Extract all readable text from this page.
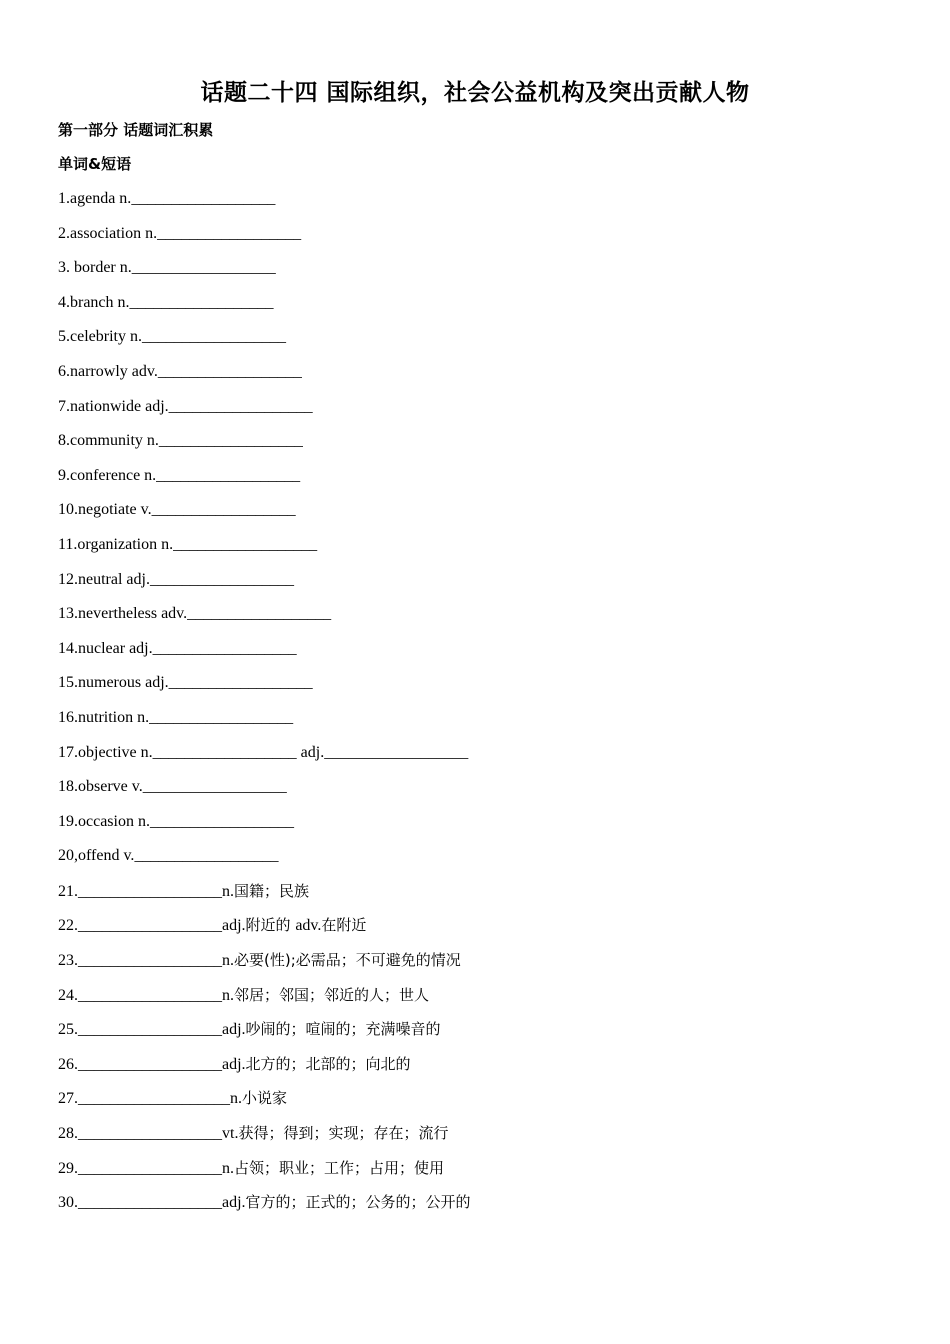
话题二十四 国际组织，社会公益机构及突出贡献人物
第一部分 话题词汇积累
单词&短语
1.agenda n.__________________
2.association n.__________________
3. border n.__________________
4.branch n.__________________
5.celebrity n.__________________
6.narrowly adv.__________________
7.nationwide adj.__________________
8.community n.__________________
9.conference n.__________________
10.negotiate v.__________________
11.organization n.__________________
12.neutral adj.__________________
13.nevertheless adv.__________________
14.nuclear adj.__________________
15.numerous adj.__________________
16.nutrition n.__________________
17.objective n.__________________ adj.__________________
18.observe v.__________________
19.occasion n.__________________
20,offend v.__________________
21.__________________n.国籍；民族
22.__________________adj.附近的 adv.在附近
23.__________________n.必要(性);必需品；不可避免的情况
24.__________________n.邻居；邻国；邻近的人；世人
25.__________________adj.吵闹的；喧闹的；充满噪音的
26.__________________adj.北方的；北部的；向北的
27.___________________n.小说家
28.__________________vt.获得；得到；实现；存在；流行
29.__________________n.占领；职业；工作；占用；使用
30.__________________adj.官方的；正式的；公务的；公开的
